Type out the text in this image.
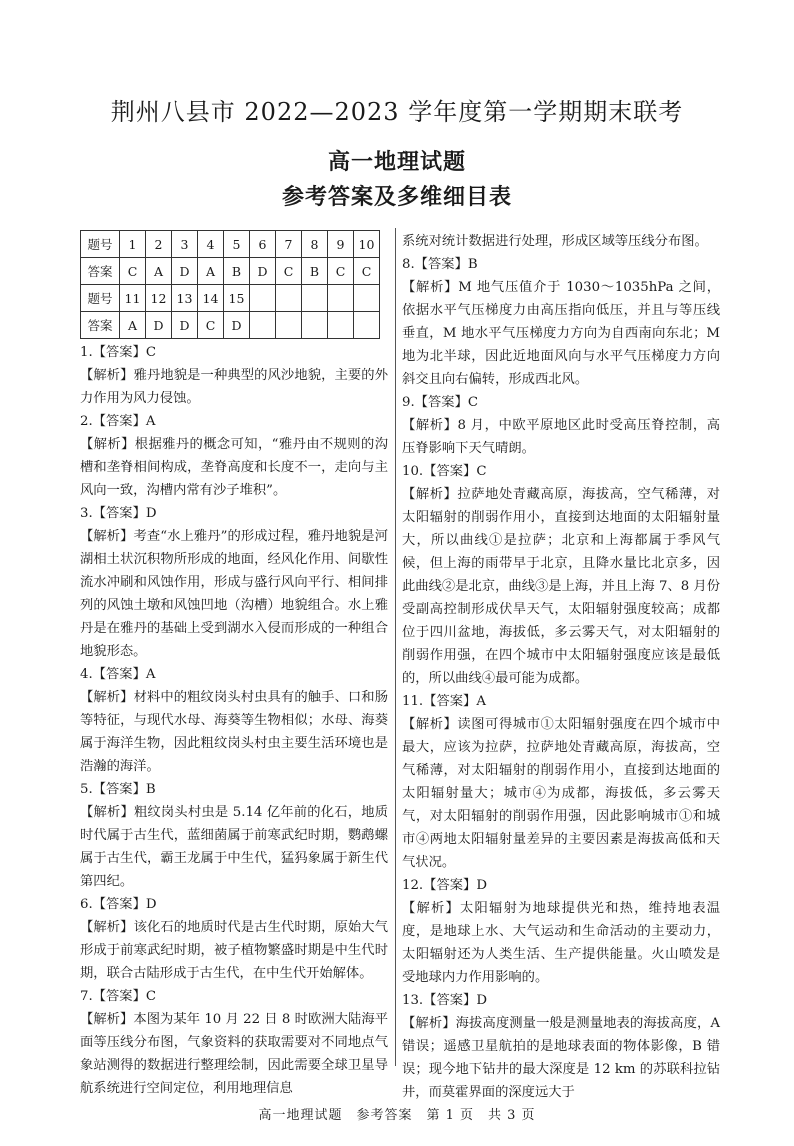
荆州八县市 2022—2023 学年度第一学期期末联考
高一地理试题
参考答案及多维细目表
题号	1	2	3	4	5	6	7	8	9	10
答案	C	A	D	A	B	D	C	B	C	C
题号	11	12	13	14	15					
答案	A	D	D	C	D					

1.【答案】C

【解析】雅丹地貌是一种典型的风沙地貌，主要的外力作用为风力侵蚀。

2.【答案】A

【解析】根据雅丹的概念可知，“雅丹由不规则的沟槽和垄脊相间构成，垄脊高度和长度不一，走向与主风向一致，沟槽内常有沙子堆积”。

3.【答案】D

【解析】考查“水上雅丹”的形成过程，雅丹地貌是河湖相土状沉积物所形成的地面，经风化作用、间歇性流水冲刷和风蚀作用，形成与盛行风向平行、相间排列的风蚀土墩和风蚀凹地（沟槽）地貌组合。水上雅丹是在雅丹的基础上受到湖水入侵而形成的一种组合地貌形态。

4.【答案】A

【解析】材料中的粗纹岗头村虫具有的触手、口和肠等特征，与现代水母、海葵等生物相似；水母、海葵属于海洋生物，因此粗纹岗头村虫主要生活环境也是浩瀚的海洋。

5.【答案】B

【解析】粗纹岗头村虫是 5.14 亿年前的化石，地质时代属于古生代，蓝细菌属于前寒武纪时期，鹦鹉螺属于古生代，霸王龙属于中生代，猛犸象属于新生代第四纪。

6.【答案】D

【解析】该化石的地质时代是古生代时期，原始大气形成于前寒武纪时期，被子植物繁盛时期是中生代时期，联合古陆形成于古生代，在中生代开始解体。

7.【答案】C

【解析】本图为某年 10 月 22 日 8 时欧洲大陆海平面等压线分布图，气象资料的获取需要对不同地点气象站测得的数据进行整理绘制，因此需要全球卫星导航系统进行空间定位，利用地理信息

系统对统计数据进行处理，形成区域等压线分布图。

8.【答案】B

【解析】M 地气压值介于 1030～1035hPa 之间，依据水平气压梯度力由高压指向低压，并且与等压线垂直，M 地水平气压梯度力方向为自西南向东北；M 地为北半球，因此近地面风向与水平气压梯度力方向斜交且向右偏转，形成西北风。

9.【答案】C

【解析】8 月，中欧平原地区此时受高压脊控制，高压脊影响下天气晴朗。

10.【答案】C

【解析】拉萨地处青藏高原，海拔高，空气稀薄，对太阳辐射的削弱作用小，直接到达地面的太阳辐射量大，所以曲线①是拉萨；北京和上海都属于季风气候，但上海的雨带早于北京，且降水量比北京多，因此曲线②是北京，曲线③是上海，并且上海 7、8 月份受副高控制形成伏旱天气，太阳辐射强度较高；成都位于四川盆地，海拔低，多云雾天气，对太阳辐射的削弱作用强，在四个城市中太阳辐射强度应该是最低的，所以曲线④最可能为成都。

11.【答案】A

【解析】读图可得城市①太阳辐射强度在四个城市中最大，应该为拉萨，拉萨地处青藏高原，海拔高，空气稀薄，对太阳辐射的削弱作用小，直接到达地面的太阳辐射量大；城市④为成都，海拔低，多云雾天气，对太阳辐射的削弱作用强，因此影响城市①和城市④两地太阳辐射量差异的主要因素是海拔高低和天气状况。

12.【答案】D

【解析】太阳辐射为地球提供光和热，维持地表温度，是地球上水、大气运动和生命活动的主要动力，太阳辐射还为人类生活、生产提供能量。火山喷发是受地球内力作用影响的。

13.【答案】D

【解析】海拔高度测量一般是测量地表的海拔高度，A 错误；遥感卫星航拍的是地球表面的物体影像，B 错误；现今地下钻井的最大深度是 12 km 的苏联科拉钻井，而莫霍界面的深度远大于

高一地理试题　参考答案　第 1 页　共 3 页
